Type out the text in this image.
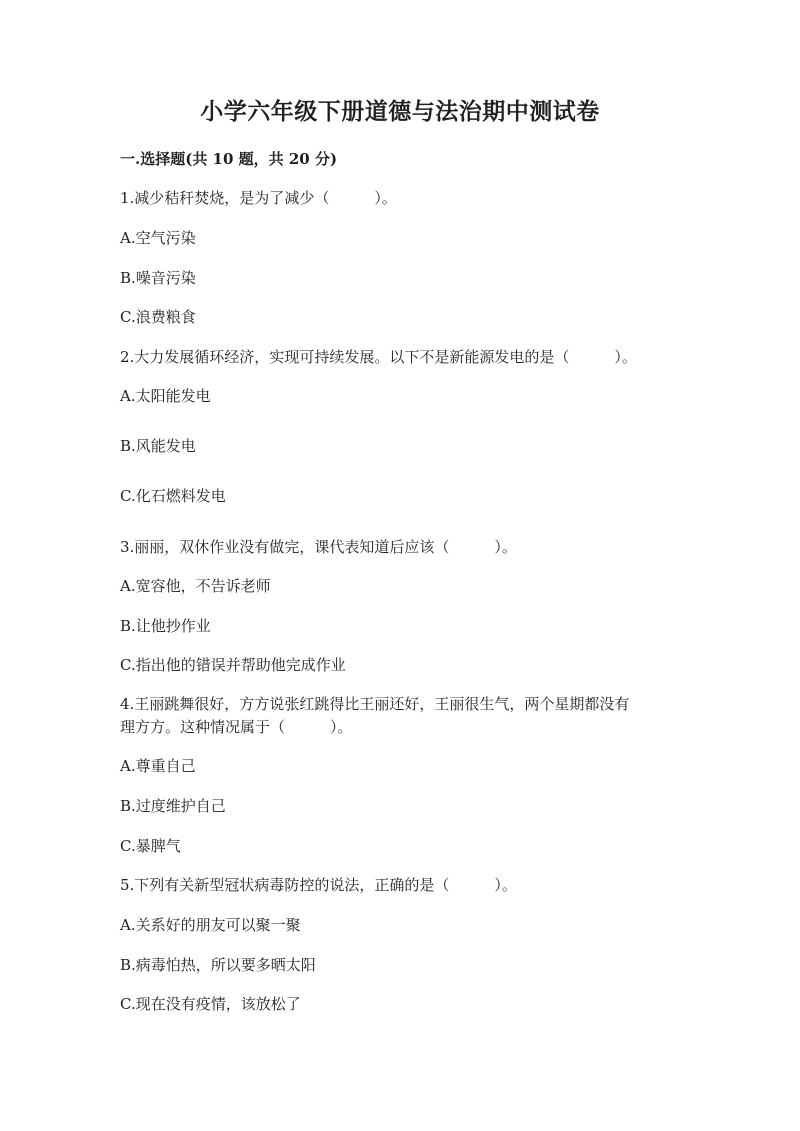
小学六年级下册道德与法治期中测试卷
一.选择题(共 10 题，共 20 分)
1.减少秸秆焚烧，是为了减少（　　　）。
A.空气污染
B.噪音污染
C.浪费粮食
2.大力发展循环经济，实现可持续发展。以下不是新能源发电的是（　　　）。
A.太阳能发电
B.风能发电
C.化石燃料发电
3.丽丽，双休作业没有做完，课代表知道后应该（　　　）。
A.宽容他，不告诉老师
B.让他抄作业
C.指出他的错误并帮助他完成作业
4.王丽跳舞很好，方方说张红跳得比王丽还好，王丽很生气，两个星期都没有
理方方。这种情况属于（　　　）。
A.尊重自己
B.过度维护自己
C.暴脾气
5.下列有关新型冠状病毒防控的说法，正确的是（　　　）。
A.关系好的朋友可以聚一聚
B.病毒怕热，所以要多晒太阳
C.现在没有疫情，该放松了
